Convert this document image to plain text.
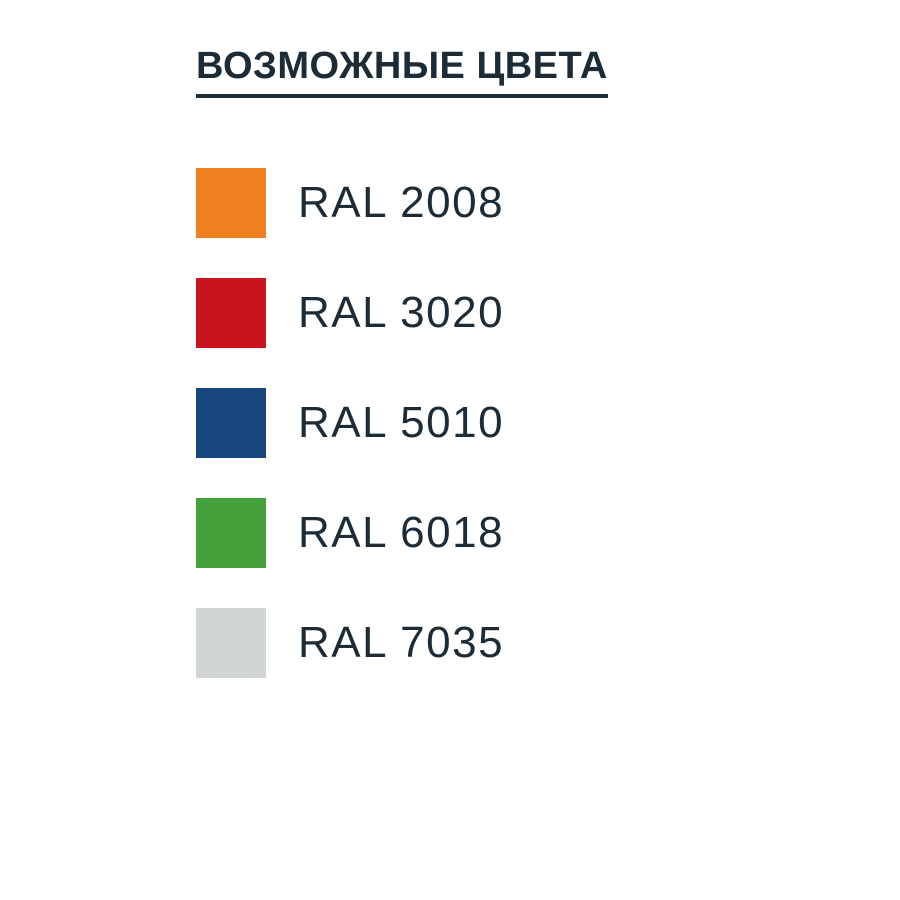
ВОЗМОЖНЫЕ ЦВЕТА
RAL 2008
RAL 3020
RAL 5010
RAL 6018
RAL 7035
